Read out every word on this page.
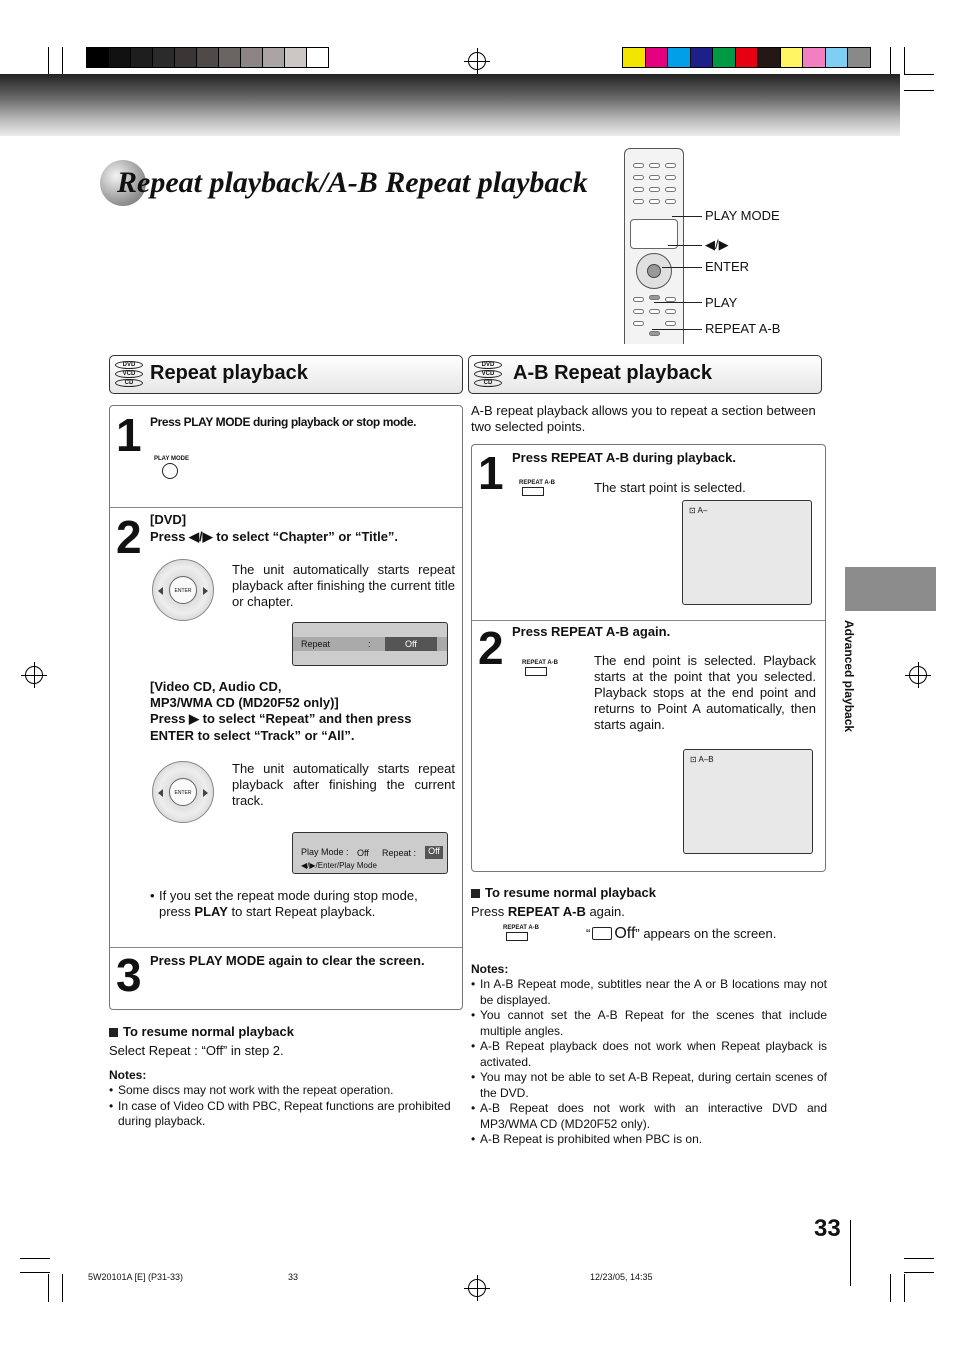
Repeat playback/A-B Repeat playback
PLAY MODE
◀/▶
ENTER
PLAY
REPEAT A-B
DVD
VCD
CD Repeat playback	DVD
VCD
CD	A-B Repeat playback
1 Press PLAY MODE during playback or stop mode.
PLAY MODE
2 [DVD]
Press ◀/▶ to select “Chapter” or “Title”.
ENTER
The unit automatically starts repeat playback after finishing the current title or chapter.
Repeat	:	Off
[Video CD, Audio CD,
MP3/WMA CD (MD20F52 only)]
Press ▶ to select “Repeat” and then press
ENTER to select “Track” or “All”.
ENTER
The unit automatically starts repeat playback after finishing the current track.
Play Mode : Off Repeat :	Off
◀/▶/Enter/Play Mode
• If you set the repeat mode during stop mode, press PLAY to start Repeat playback.
3 Press PLAY MODE again to clear the screen.
To resume normal playback
Select Repeat : “Off” in step 2.
Notes:
• Some discs may not work with the repeat operation.
• In case of Video CD with PBC, Repeat functions are prohibited during playback.
A-B repeat playback allows you to repeat a section between two selected points.
1 Press REPEAT A-B during playback.
REPEAT A-B	The start point is selected.
⊡ A–
2 Press REPEAT A-B again.
REPEAT A-B	The end point is selected. Playback starts at the point that you selected. Playback stops at the end point and returns to Point A automatically, then starts again.
⊡ A–B
To resume normal playback
Press REPEAT A-B again.
REPEAT A-B	“ Off” appears on the screen.
Notes:
• In A-B Repeat mode, subtitles near the A or B locations may not be displayed.
• You cannot set the A-B Repeat for the scenes that include multiple angles.
• A-B Repeat playback does not work when Repeat playback is activated.
• You may not be able to set A-B Repeat, during certain scenes of the DVD.
• A-B Repeat does not work with an interactive DVD and MP3/WMA CD (MD20F52 only).
• A-B Repeat is prohibited when PBC is on.
Advanced playback
33
5W20101A [E] (P31-33)	33	12/23/05, 14:35
